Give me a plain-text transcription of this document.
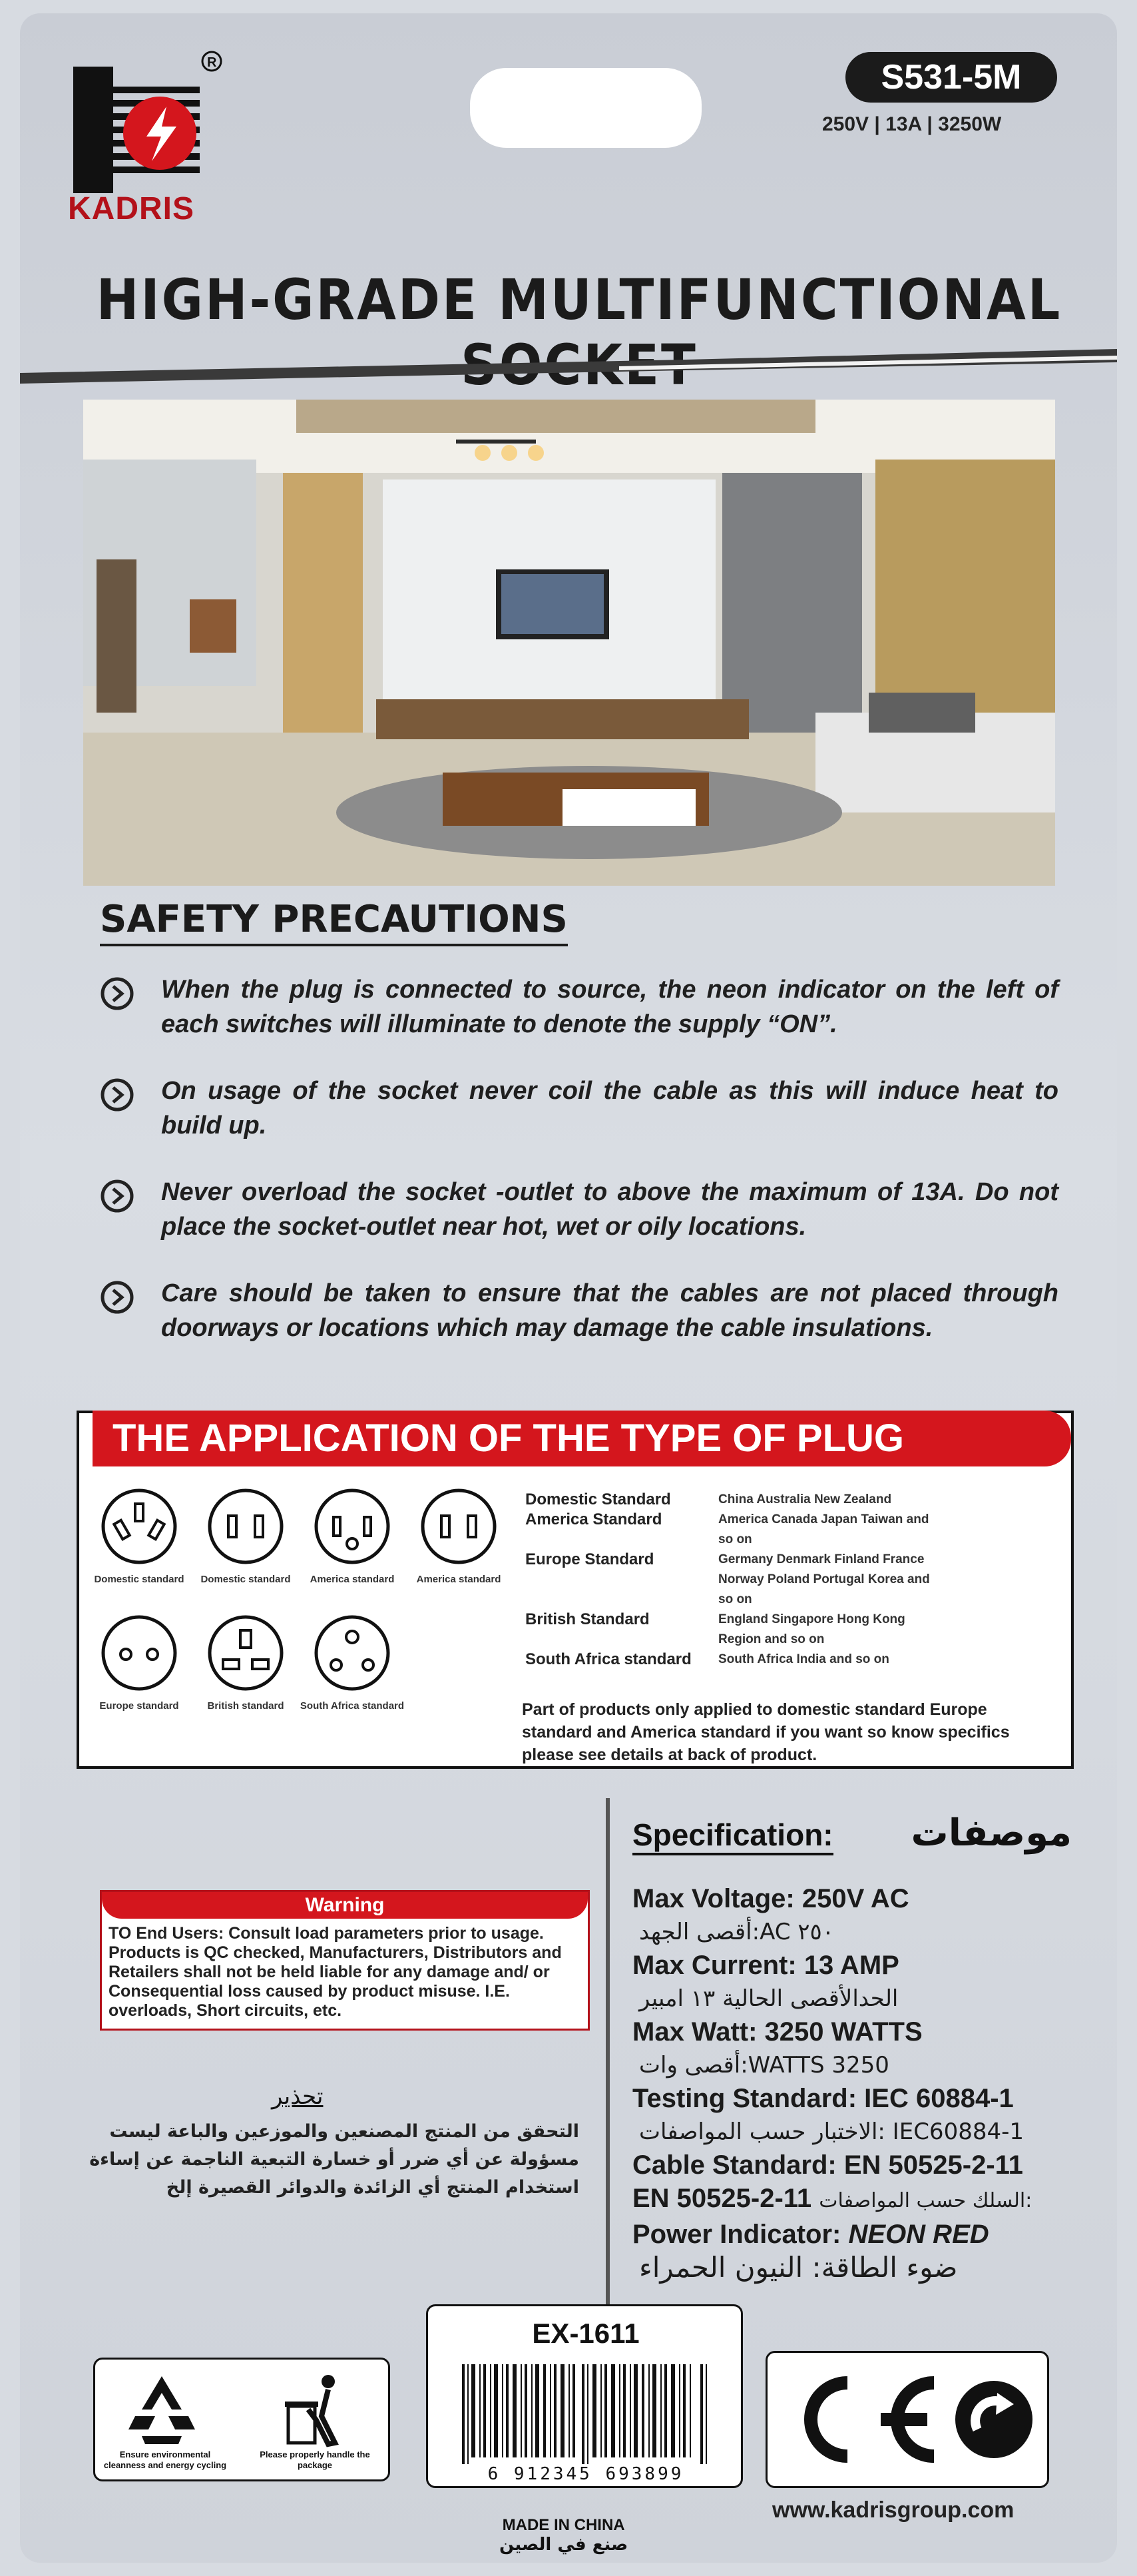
R
KADRIS
S531-5M
250V | 13A | 3250W
HIGH-GRADE MULTIFUNCTIONAL
SAFETY PRECAUTIONS
When the plug is connected to source, the neon indicator on the left of each switches will illuminate to denote the supply “ON”.
On usage of the socket never coil the cable as this will induce heat to build up.
Never overload the socket -outlet to above the maximum of 13A. Do not place the socket-outlet near hot, wet or oily locations.
Care should be taken to ensure that the cables are not placed through doorways or locations which may damage the cable insulations.
THE APPLICATION OF THE TYPE OF PLUG
Domestic standard	Domestic standard	America standard	America standard
Europe standard	British standard	South Africa standard
Domestic Standard	China Australia New Zealand
America Standard	America Canada Japan Taiwan and so on
Europe Standard	Germany Denmark Finland France Norway Poland Portugal Korea and so on
British Standard	England Singapore Hong Kong Region and so on
South Africa standard	South Africa India and so on
Part of products only applied to domestic standard Europe standard and America standard if you want so know specifics please see details at back of product.
Warning
TO End Users: Consult load parameters prior to usage. Products is QC checked, Manufacturers, Distributors and Retailers shall not be held liable for any damage and/ or Consequential loss caused by product misuse. I.E. overloads, Short circuits, etc.
تحذير
التحقق من المنتج المصنعين والموزعين والباعة ليست مسؤولة عن أي ضرر أو خسارة التبعية الناجمة عن إساءة استخدام المنتج أي الزائدة والدوائر القصيرة إلخ
Specification: موصفات
Max Voltage: 250V AC
أقصى الجهد:AC ٢٥٠
Max Current: 13 AMP
الحدالأقصى الحالية ١٣ امبير
Max Watt: 3250 WATTS
أقصى وات:WATTS 3250
Testing Standard: IEC 60884-1
الاختبار حسب المواصفات: IEC60884-1
Cable Standard: EN 50525-2-11
EN 50525-2-11 السلك حسب المواصفات:
Power Indicator: NEON RED
ضوء الطاقة: النيون الحمراء
Ensure environmental cleanness and energy cycling
Please properly handle the package
EX-1611
6 912345 693899
MADE IN CHINA
صنع في الصين
www.kadrisgroup.com
